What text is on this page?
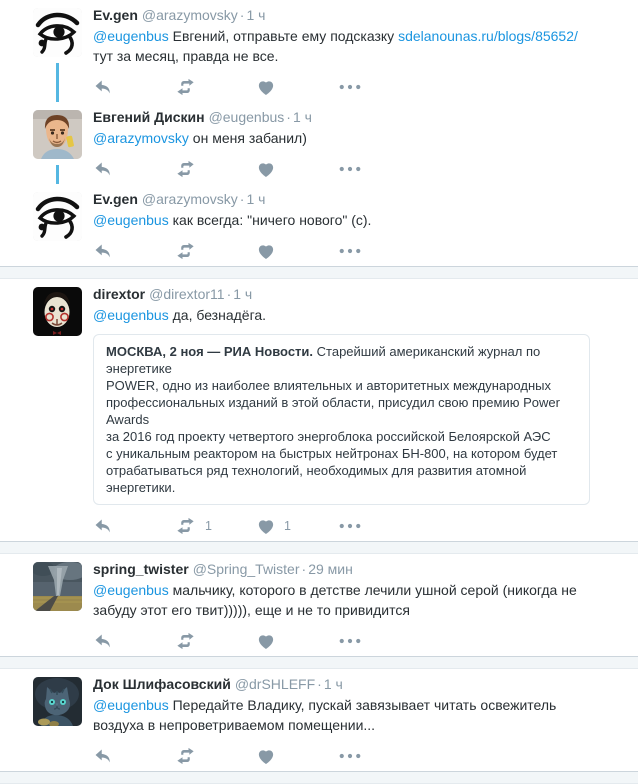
Ev.gen @arazymovsky · 1 ч
@eugenbus Евгений, отправьте ему подсказку sdelanounas.ru/blogs/85652/
тут за месяц, правда не все.
Евгений Дискин @eugenbus · 1 ч
@arazymovsky он меня забанил)
Ev.gen @arazymovsky · 1 ч
@eugenbus как всегда: "ничего нового" (с).
dirextor @dirextor11 · 1 ч
@eugenbus да, безнадёга.
МОСКВА, 2 ноя — РИА Новости. Старейший американский журнал по энергетике
POWER, одно из наиболее влиятельных и авторитетных международных
профессиональных изданий в этой области, присудил свою премию Power Awards
за 2016 год проекту четвертого энергоблока российской Белоярской АЭС
с уникальным реактором на быстрых нейтронах БН-800, на котором будет
отрабатываться ряд технологий, необходимых для развития атомной энергетики.
1	1
spring_twister @Spring_Twister · 29 мин
@eugenbus мальчику, которого в детстве лечили ушной серой (никогда не
забуду этот его твит))))), еще и не то привидится
Док Шлифасовский @drSHLEFF · 1 ч
@eugenbus Передайте Владику, пускай завязывает читать освежитель
воздуха в непроветриваемом помещении...
